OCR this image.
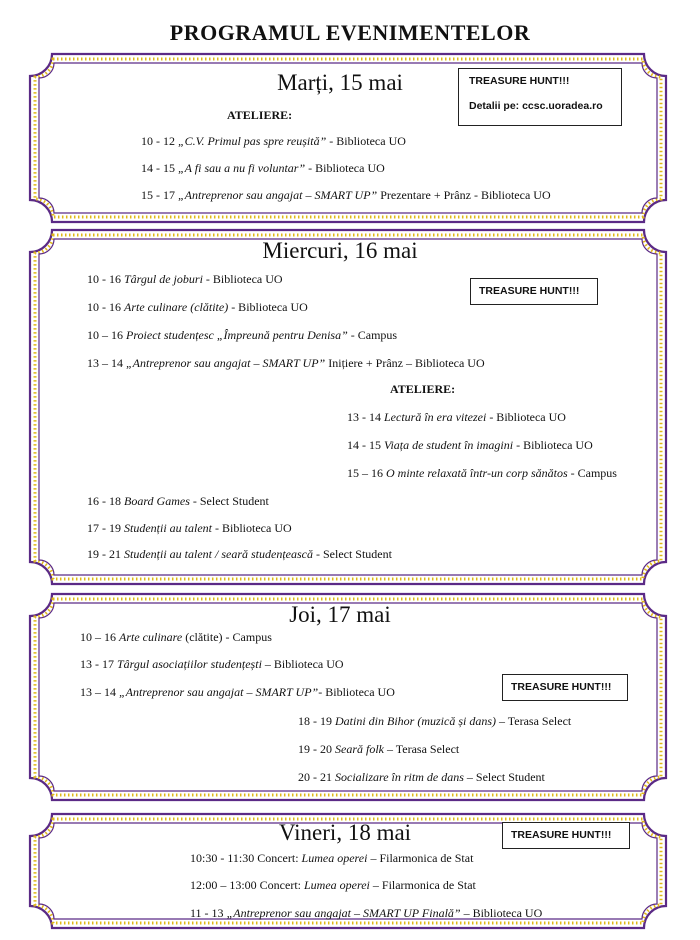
PROGRAMUL EVENIMENTELOR
Marți, 15 mai	TREASURE HUNT!!!
Detalii pe: ccsc.uoradea.ro
ATELIERE:
10 - 12 „C.V. Primul pas spre reușită” - Biblioteca UO
14 - 15 „A fi sau a nu fi voluntar” - Biblioteca UO
15 - 17 „Antreprenor sau angajat – SMART UP” Prezentare + Prânz - Biblioteca UO
Miercuri, 16 mai
TREASURE HUNT!!!
10 - 16 Târgul de joburi - Biblioteca UO
10 - 16 Arte culinare (clătite) - Biblioteca UO
10 – 16 Proiect studențesc „Împreună pentru Denisa” - Campus
13 – 14 „Antreprenor sau angajat – SMART UP” Inițiere + Prânz – Biblioteca UO
ATELIERE:
13 - 14 Lectură în era vitezei - Biblioteca UO
14 - 15 Viața de student în imagini - Biblioteca UO
15 – 16 O minte relaxată într-un corp sănătos - Campus
16 - 18 Board Games - Select Student
17 - 19 Studenții au talent - Biblioteca UO
19 - 21 Studenții au talent / seară studențească - Select Student
Joi, 17 mai
TREASURE HUNT!!!
10 – 16 Arte culinare (clătite) - Campus
13 - 17 Târgul asociațiilor studențești – Biblioteca UO
13 – 14 „Antreprenor sau angajat – SMART UP”- Biblioteca UO
18 - 19 Datini din Bihor (muzică și dans) – Terasa Select
19 - 20 Seară folk – Terasa Select
20 - 21 Socializare în ritm de dans – Select Student
Vineri, 18 mai	TREASURE HUNT!!!
10:30 - 11:30 Concert: Lumea operei – Filarmonica de Stat
12:00 – 13:00 Concert: Lumea operei – Filarmonica de Stat
11 - 13 „Antreprenor sau angajat – SMART UP Finală” – Biblioteca UO
